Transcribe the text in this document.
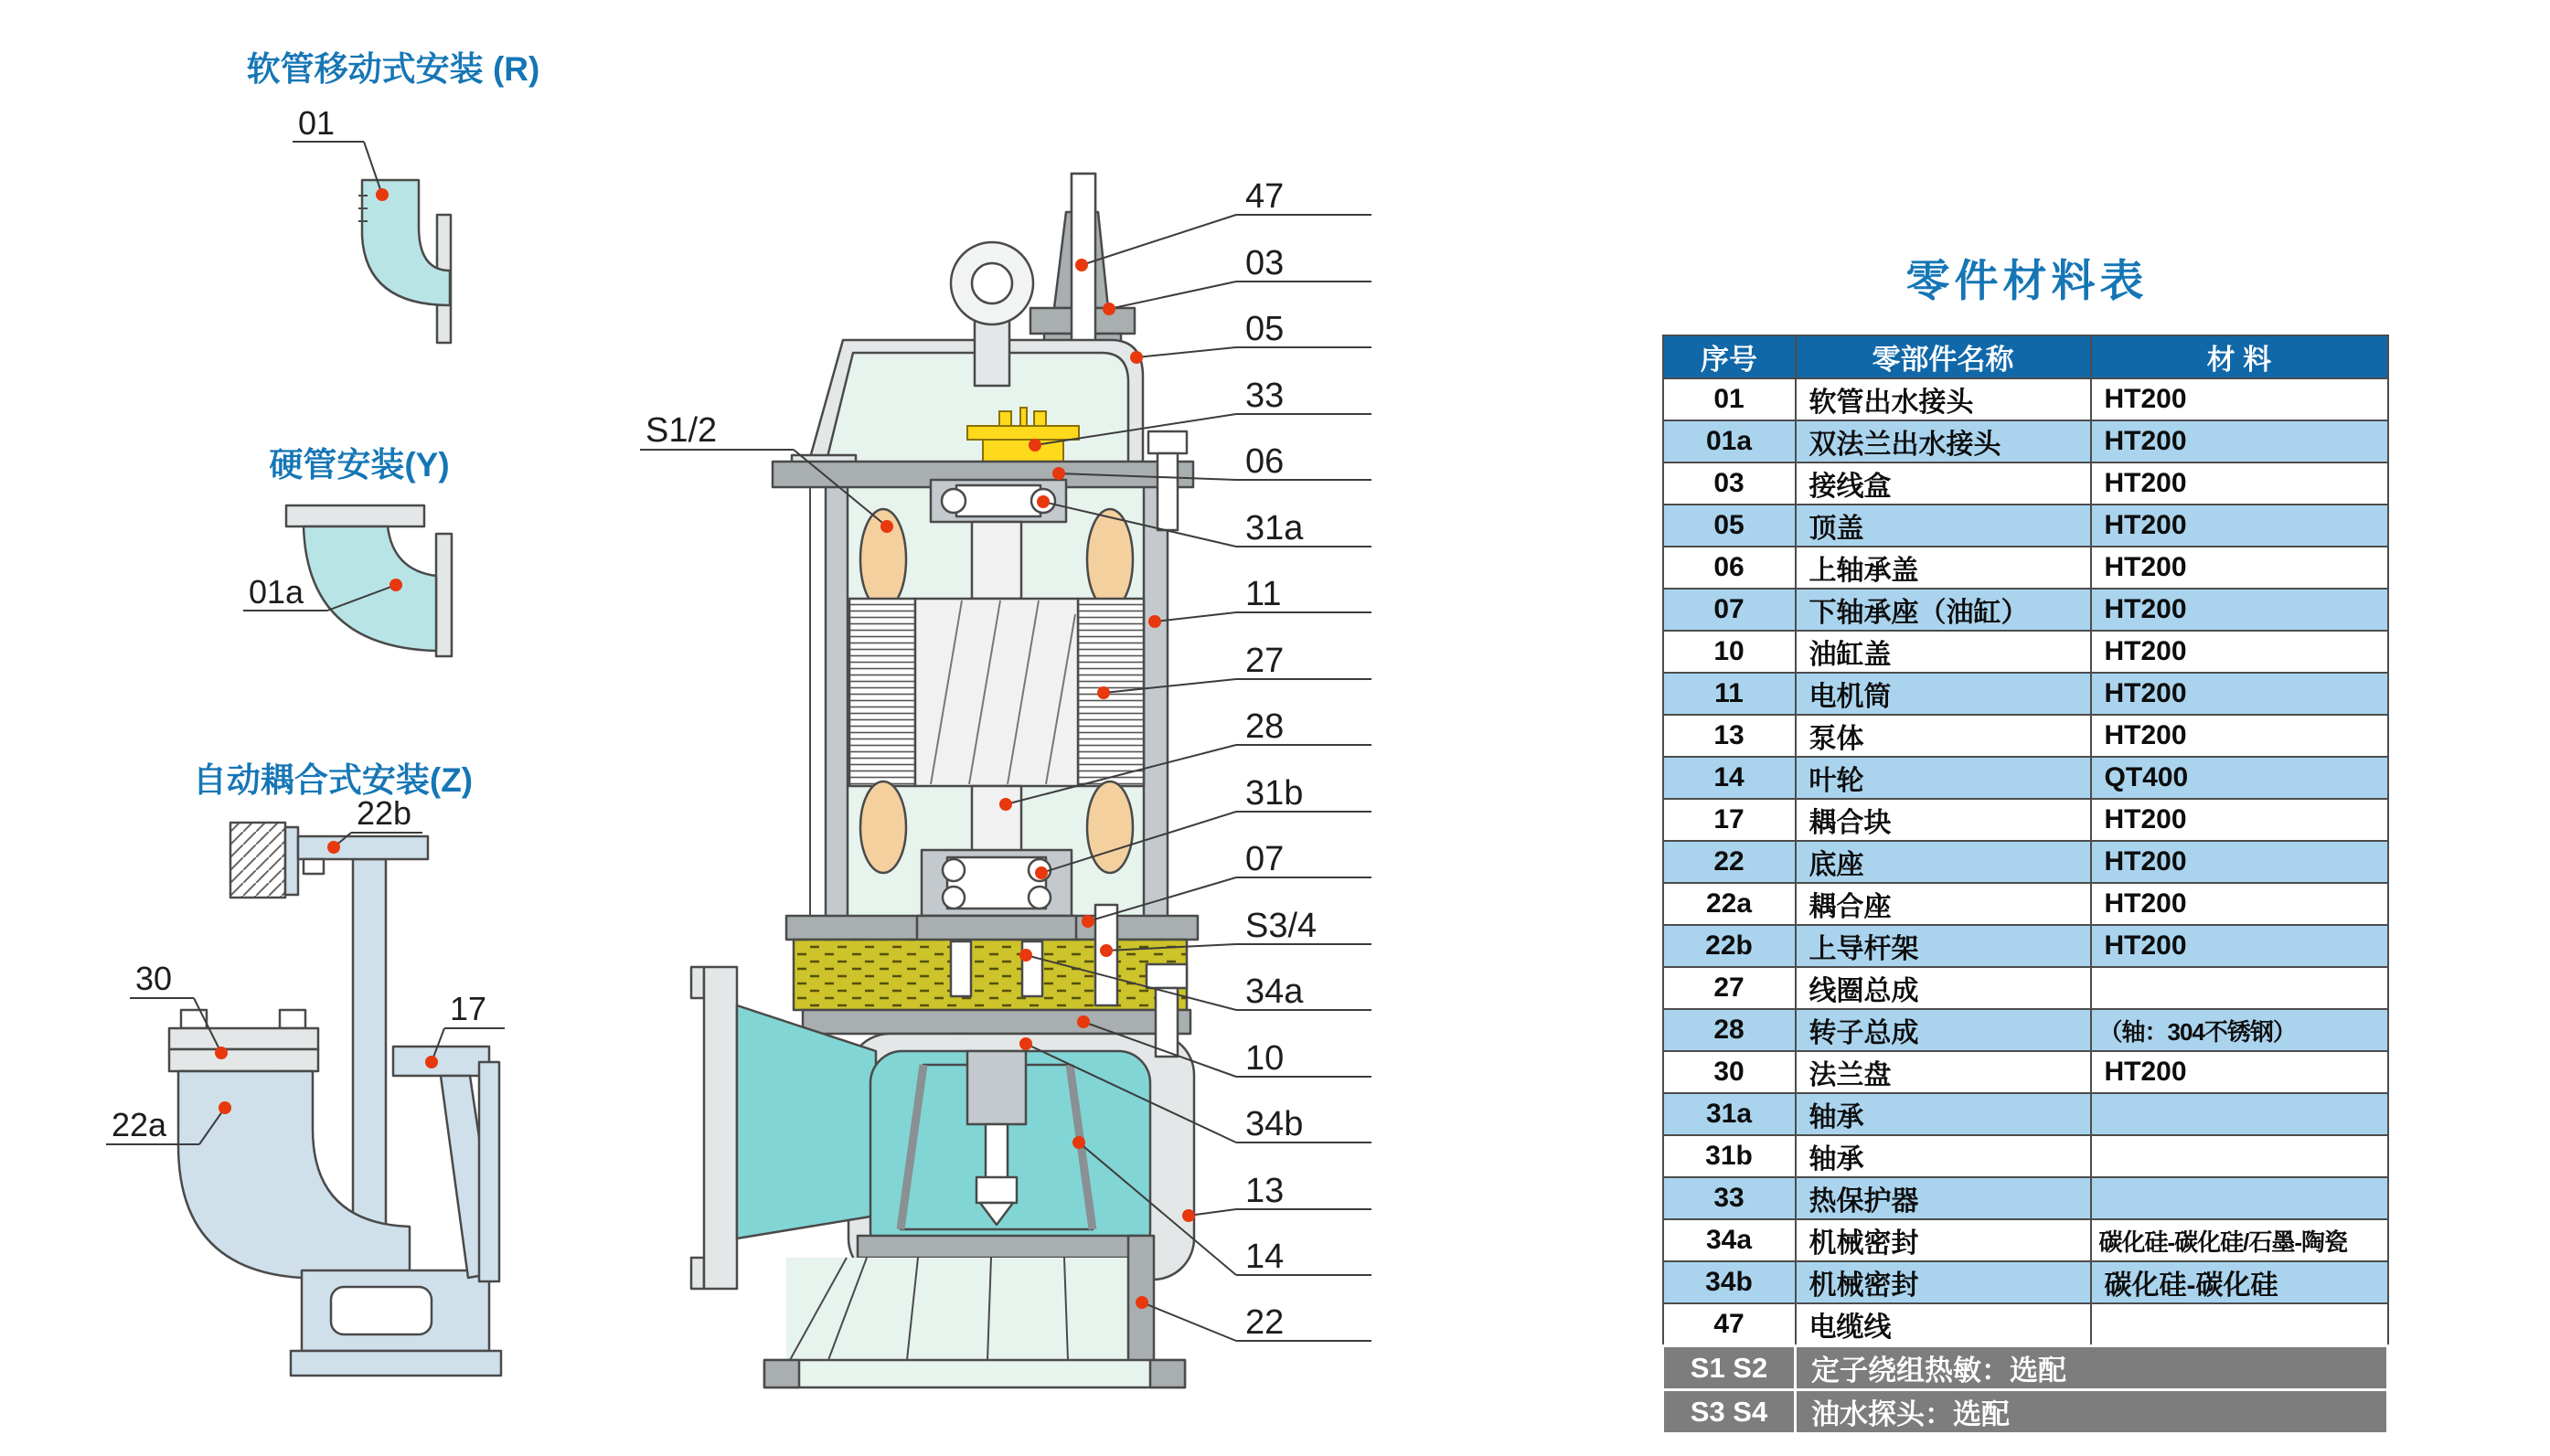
47
03
05
33
06
31a
11
27
28
31b
07
S3/4
34a
10
34b
13
14
22
S1/2
01
01a
22b
30
17
22a
软管移动式安装 (R)
硬管安装(Y)
自动耦合式安装(Z)
零件材料表
序号	零部件名称	材 料
01	软管出水接头	HT200
01a	双法兰出水接头	HT200
03	接线盒	HT200
05	顶盖	HT200
06	上轴承盖	HT200
07	下轴承座（油缸）	HT200
10	油缸盖	HT200
11	电机筒	HT200
13	泵体	HT200
14	叶轮	QT400
17	耦合块	HT200
22	底座	HT200
22a	耦合座	HT200
22b	上导杆架	HT200
27	线圈总成	
28	转子总成	（轴：304不锈钢）
30	法兰盘	HT200
31a	轴承	
31b	轴承	
33	热保护器	
34a	机械密封	碳化硅-碳化硅/石墨-陶瓷
34b	机械密封	碳化硅-碳化硅
47	电缆线	
S1 S2	定子绕组热敏：选配	
S3 S4	油水探头：选配	
